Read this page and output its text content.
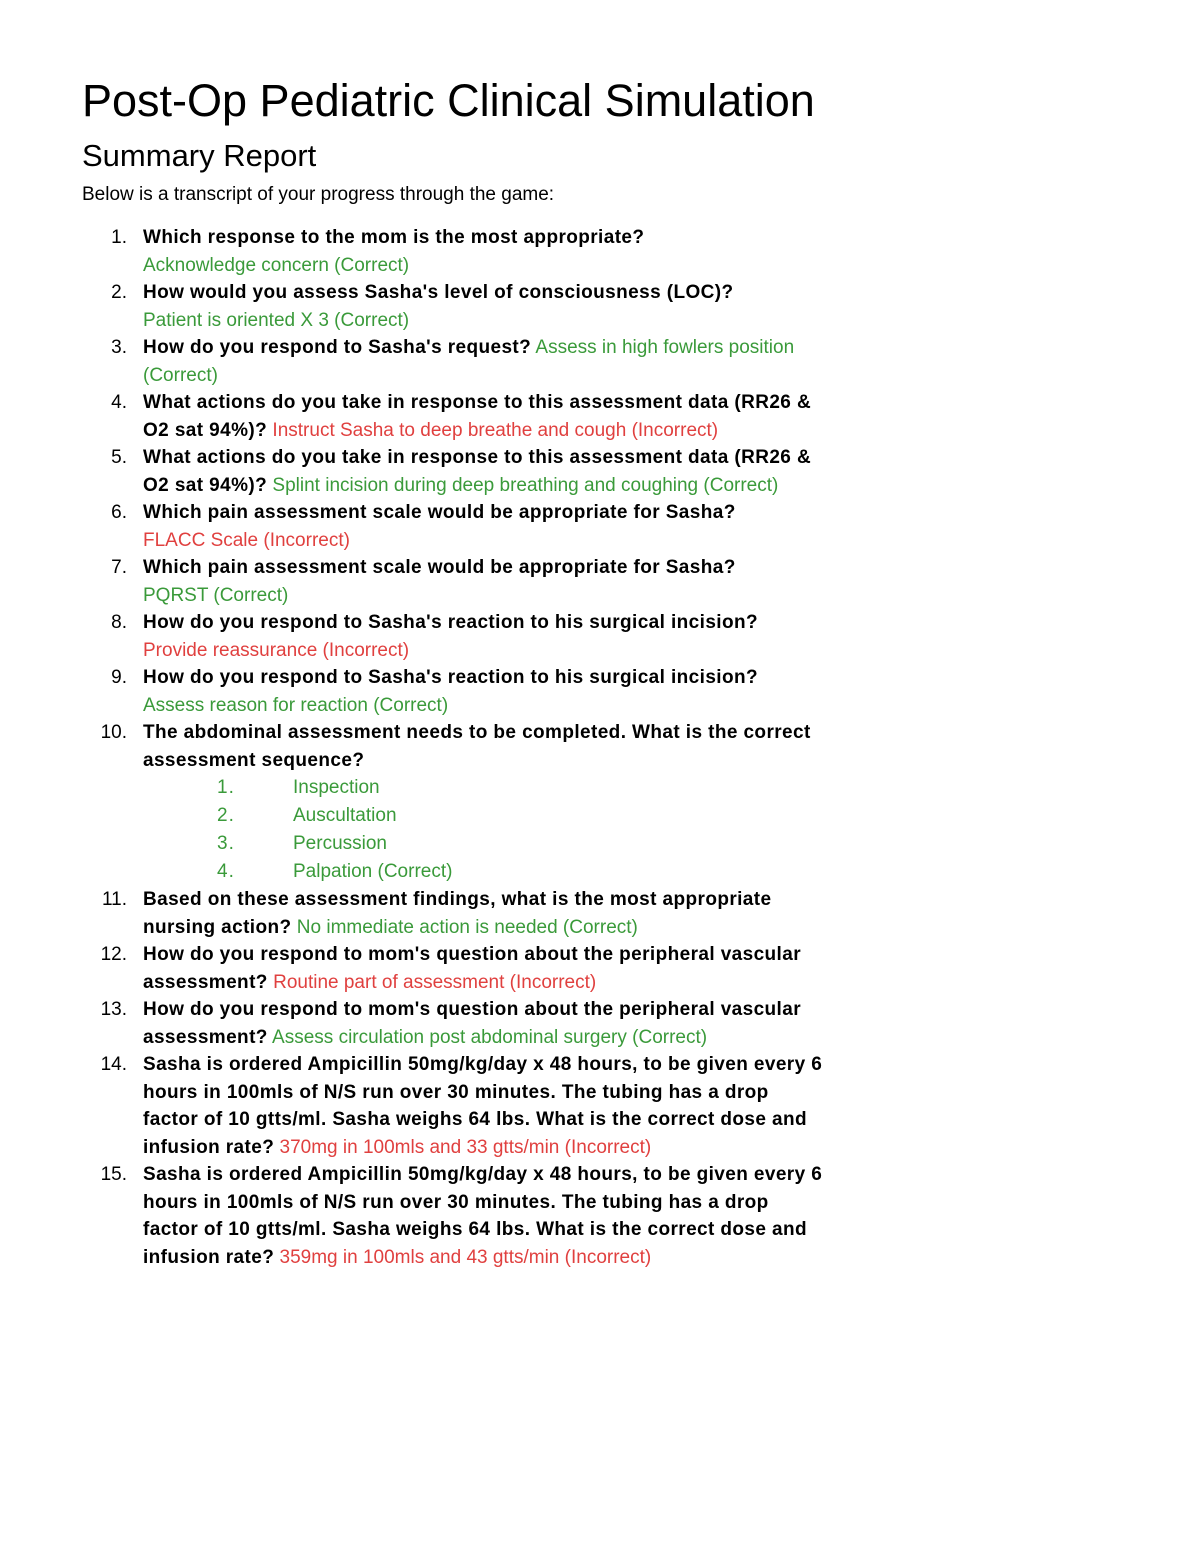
Post-Op Pediatric Clinical Simulation
Summary Report

Below is a transcript of your progress through the game:

1. Which response to the mom is the most appropriate?
Acknowledge concern (Correct)
2. How would you assess Sasha's level of consciousness (LOC)?
Patient is oriented X 3 (Correct)
3. How do you respond to Sasha's request? Assess in high fowlers position (Correct)
4. What actions do you take in response to this assessment data (RR26 & O2 sat 94%)? Instruct Sasha to deep breathe and cough (Incorrect)
5. What actions do you take in response to this assessment data (RR26 & O2 sat 94%)? Splint incision during deep breathing and coughing (Correct)
6. Which pain assessment scale would be appropriate for Sasha?
FLACC Scale (Incorrect)
7. Which pain assessment scale would be appropriate for Sasha?
PQRST (Correct)
8. How do you respond to Sasha's reaction to his surgical incision?
Provide reassurance (Incorrect)
9. How do you respond to Sasha's reaction to his surgical incision?
Assess reason for reaction (Correct)
10. The abdominal assessment needs to be completed. What is the correct assessment sequence?
1.	Inspection
2.	Auscultation
3.	Percussion
4.	Palpation (Correct)
11. Based on these assessment findings, what is the most appropriate nursing action? No immediate action is needed (Correct)
12. How do you respond to mom's question about the peripheral vascular assessment? Routine part of assessment (Incorrect)
13. How do you respond to mom's question about the peripheral vascular assessment? Assess circulation post abdominal surgery (Correct)
14. Sasha is ordered Ampicillin 50mg/kg/day x 48 hours, to be given every 6 hours in 100mls of N/S run over 30 minutes. The tubing has a drop factor of 10 gtts/ml. Sasha weighs 64 lbs. What is the correct dose and infusion rate? 370mg in 100mls and 33 gtts/min (Incorrect)
15. Sasha is ordered Ampicillin 50mg/kg/day x 48 hours, to be given every 6 hours in 100mls of N/S run over 30 minutes. The tubing has a drop factor of 10 gtts/ml. Sasha weighs 64 lbs. What is the correct dose and infusion rate? 359mg in 100mls and 43 gtts/min (Incorrect)
